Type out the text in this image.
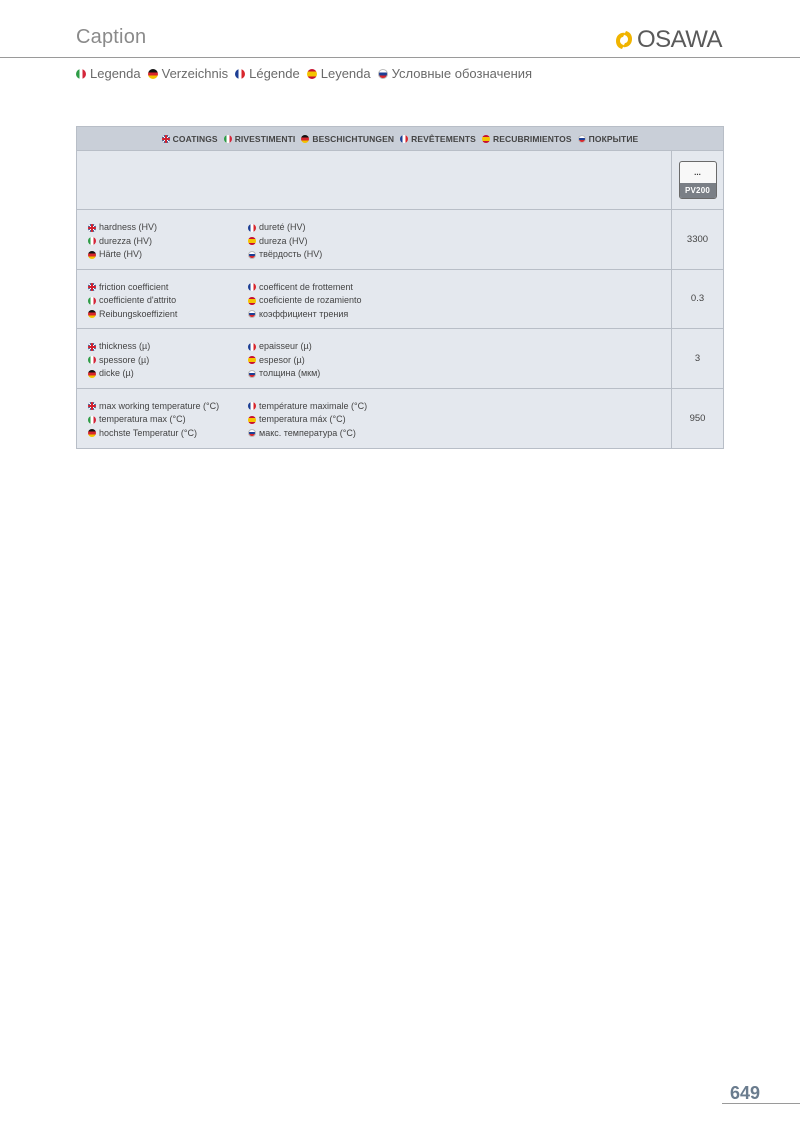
Caption	OSAWA
Legenda Verzeichnis Légende Leyenda Условные обозначения
COATINGS RIVESTIMENTI BESCHICHTUNGEN REVÊTEMENTS RECUBRIMIENTOS ПОКРЫТИЕ
...
PV200
hardness (HV)
durezza (HV)
Härte (HV)
dureté (HV)
dureza (HV)
твёрдость (HV)
3300
friction coefficient
coefficiente d'attrito
Reibungskoeffizient
coefficent de frottement
coeficiente de rozamiento
коэффициент трения
0.3
thickness (µ)
spessore (µ)
dicke (µ)
epaisseur (µ)
espesor (µ)
толщина (мкм)
3
max working temperature (°C)
temperatura max (°C)
hochste Temperatur (°C)
température maximale (°C)
temperatura máx (°C)
макс. температура (°C)
950
649
